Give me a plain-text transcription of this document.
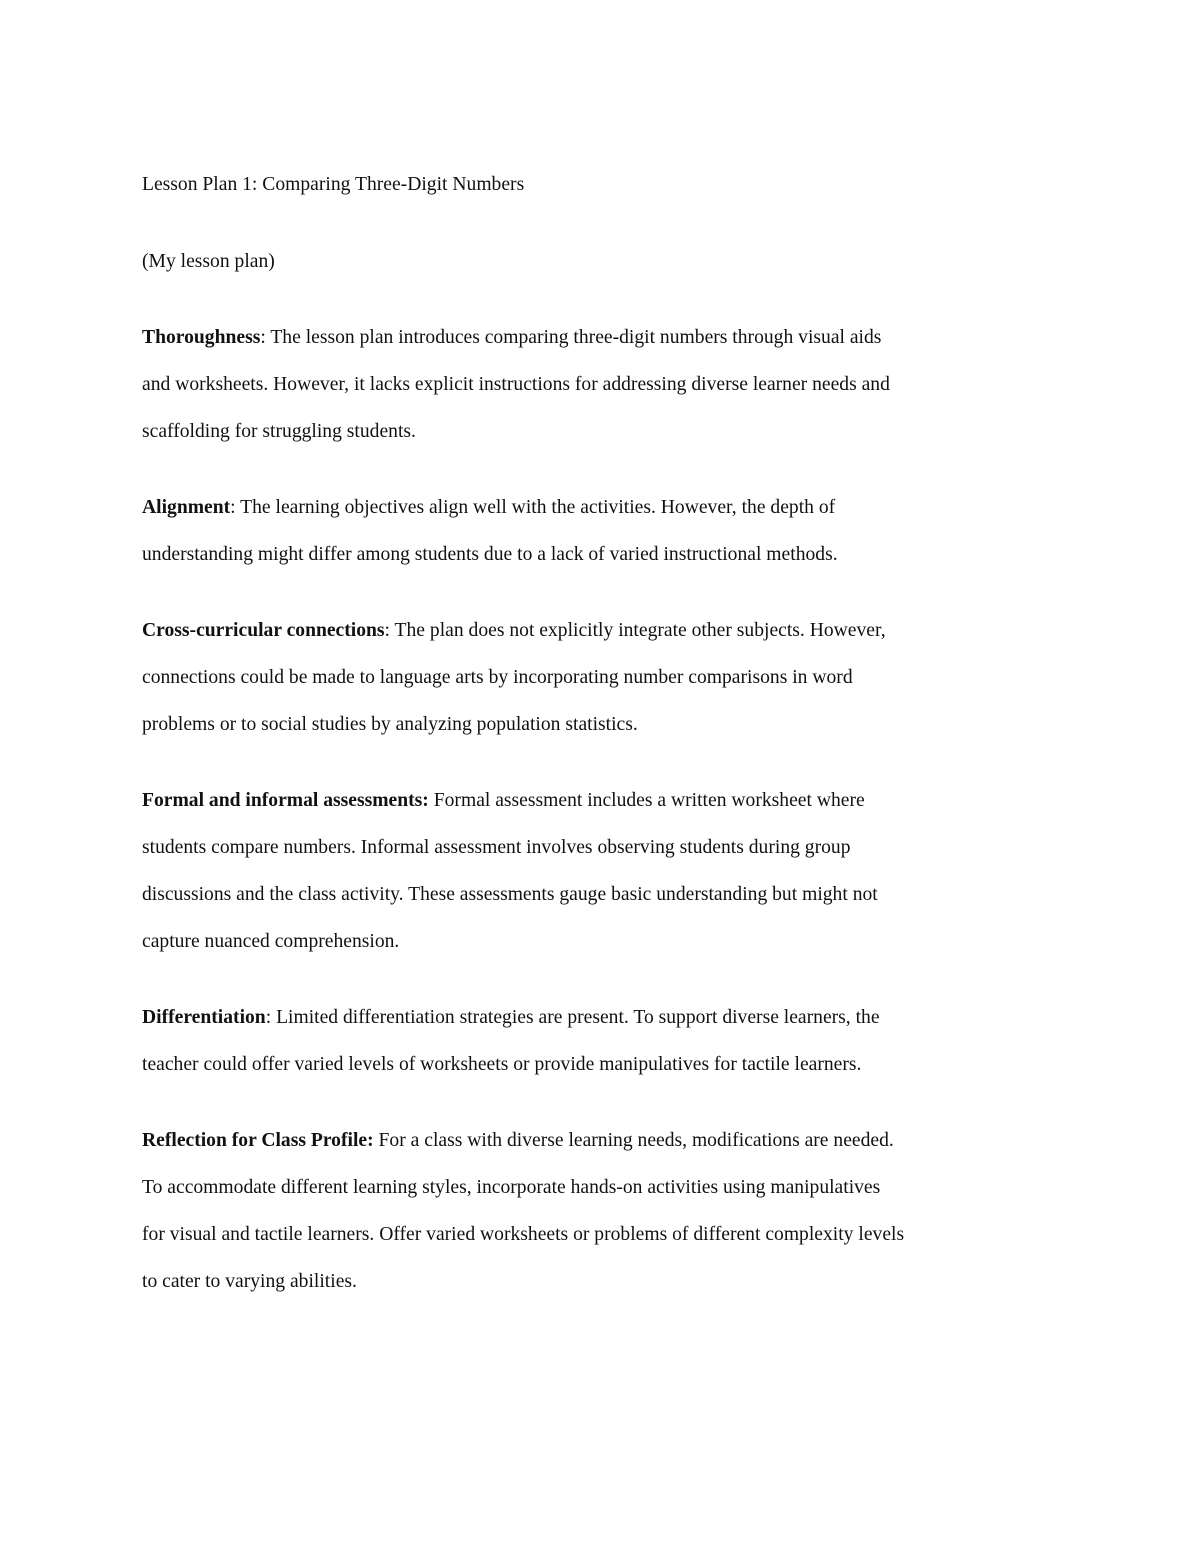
Lesson Plan 1: Comparing Three-Digit Numbers

(My lesson plan)

Thoroughness: The lesson plan introduces comparing three-digit numbers through visual aids

and worksheets. However, it lacks explicit instructions for addressing diverse learner needs and

scaffolding for struggling students.

Alignment: The learning objectives align well with the activities. However, the depth of

understanding might differ among students due to a lack of varied instructional methods.

Cross-curricular connections: The plan does not explicitly integrate other subjects. However,

connections could be made to language arts by incorporating number comparisons in word

problems or to social studies by analyzing population statistics.

Formal and informal assessments: Formal assessment includes a written worksheet where

students compare numbers. Informal assessment involves observing students during group

discussions and the class activity. These assessments gauge basic understanding but might not

capture nuanced comprehension.

Differentiation: Limited differentiation strategies are present. To support diverse learners, the

teacher could offer varied levels of worksheets or provide manipulatives for tactile learners.

Reflection for Class Profile: For a class with diverse learning needs, modifications are needed.

To accommodate different learning styles, incorporate hands-on activities using manipulatives

for visual and tactile learners. Offer varied worksheets or problems of different complexity levels

to cater to varying abilities.
